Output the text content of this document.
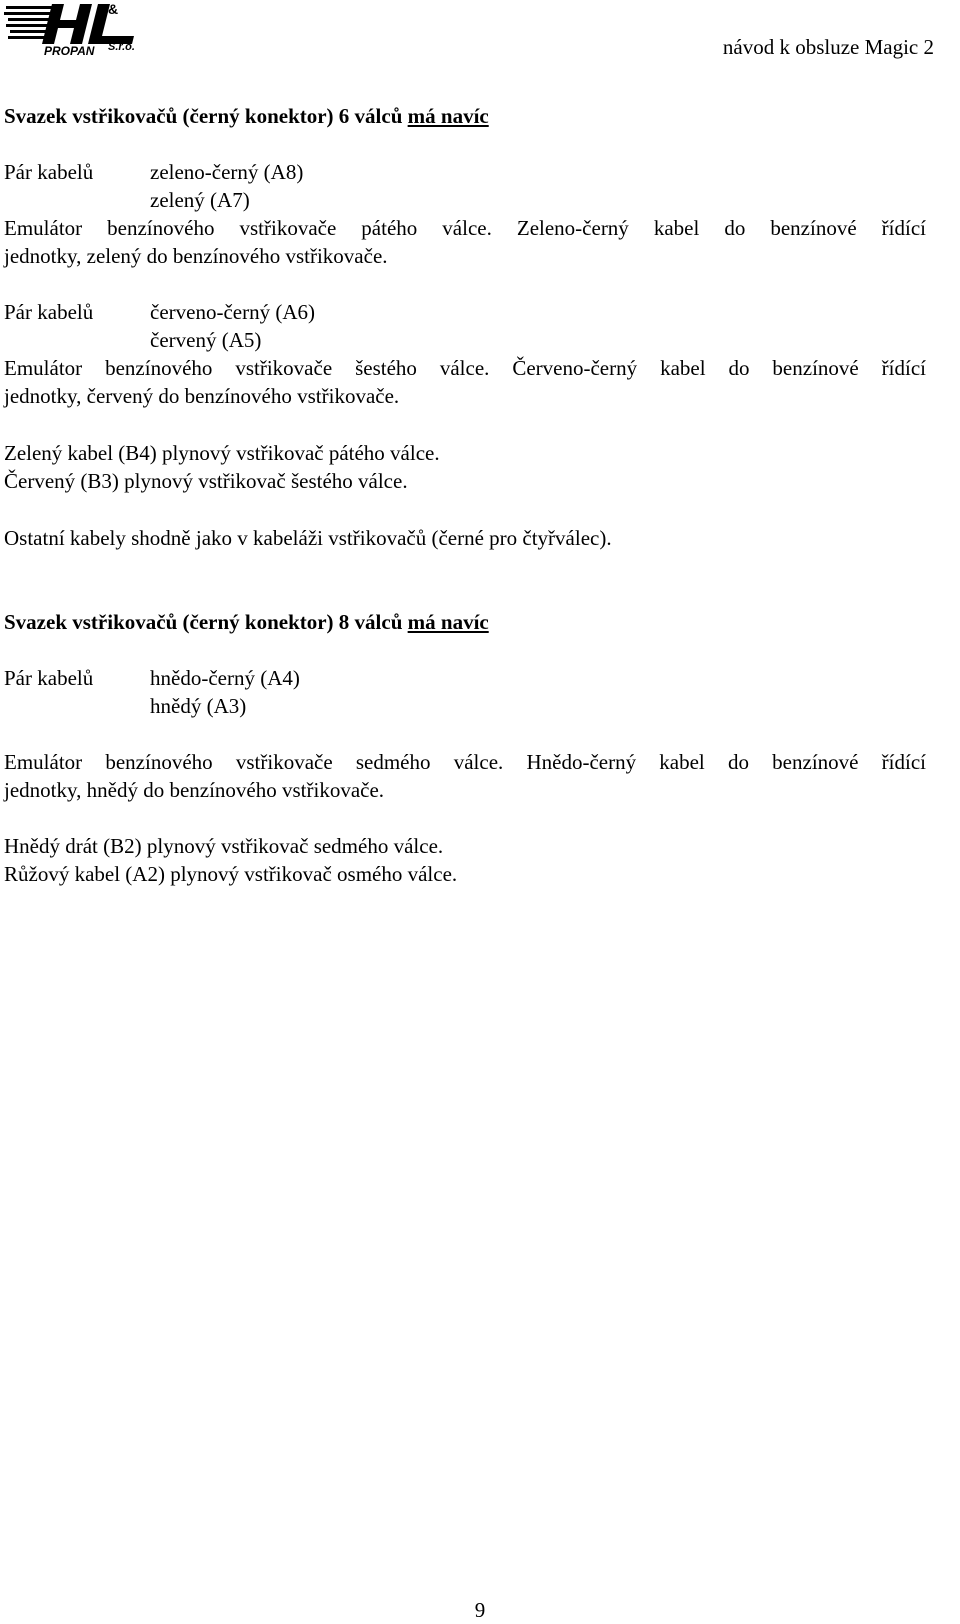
&
PROPAN S.r.o.	návod k obsluze Magic 2
Svazek vstřikovačů (černý konektor) 6 válců má navíc
Pár kabelů	zeleno-černý (A8)
zelený (A7)
Emulátor benzínového vstřikovače pátého válce. Zeleno-černý kabel do benzínové řídící
jednotky, zelený do benzínového vstřikovače.
Pár kabelů	červeno-černý (A6)
červený (A5)
Emulátor benzínového vstřikovače šestého válce. Červeno-černý kabel do benzínové řídící
jednotky, červený do benzínového vstřikovače.
Zelený kabel (B4) plynový vstřikovač pátého válce.
Červený (B3) plynový vstřikovač šestého válce.
Ostatní kabely shodně jako v kabeláži vstřikovačů (černé pro čtyřválec).
Svazek vstřikovačů (černý konektor) 8 válců má navíc
Pár kabelů	hnědo-černý (A4)
hnědý (A3)
Emulátor benzínového vstřikovače sedmého válce. Hnědo-černý kabel do benzínové řídící
jednotky, hnědý do benzínového vstřikovače.
Hnědý drát (B2) plynový vstřikovač sedmého válce.
Růžový kabel (A2) plynový vstřikovač osmého válce.
9
